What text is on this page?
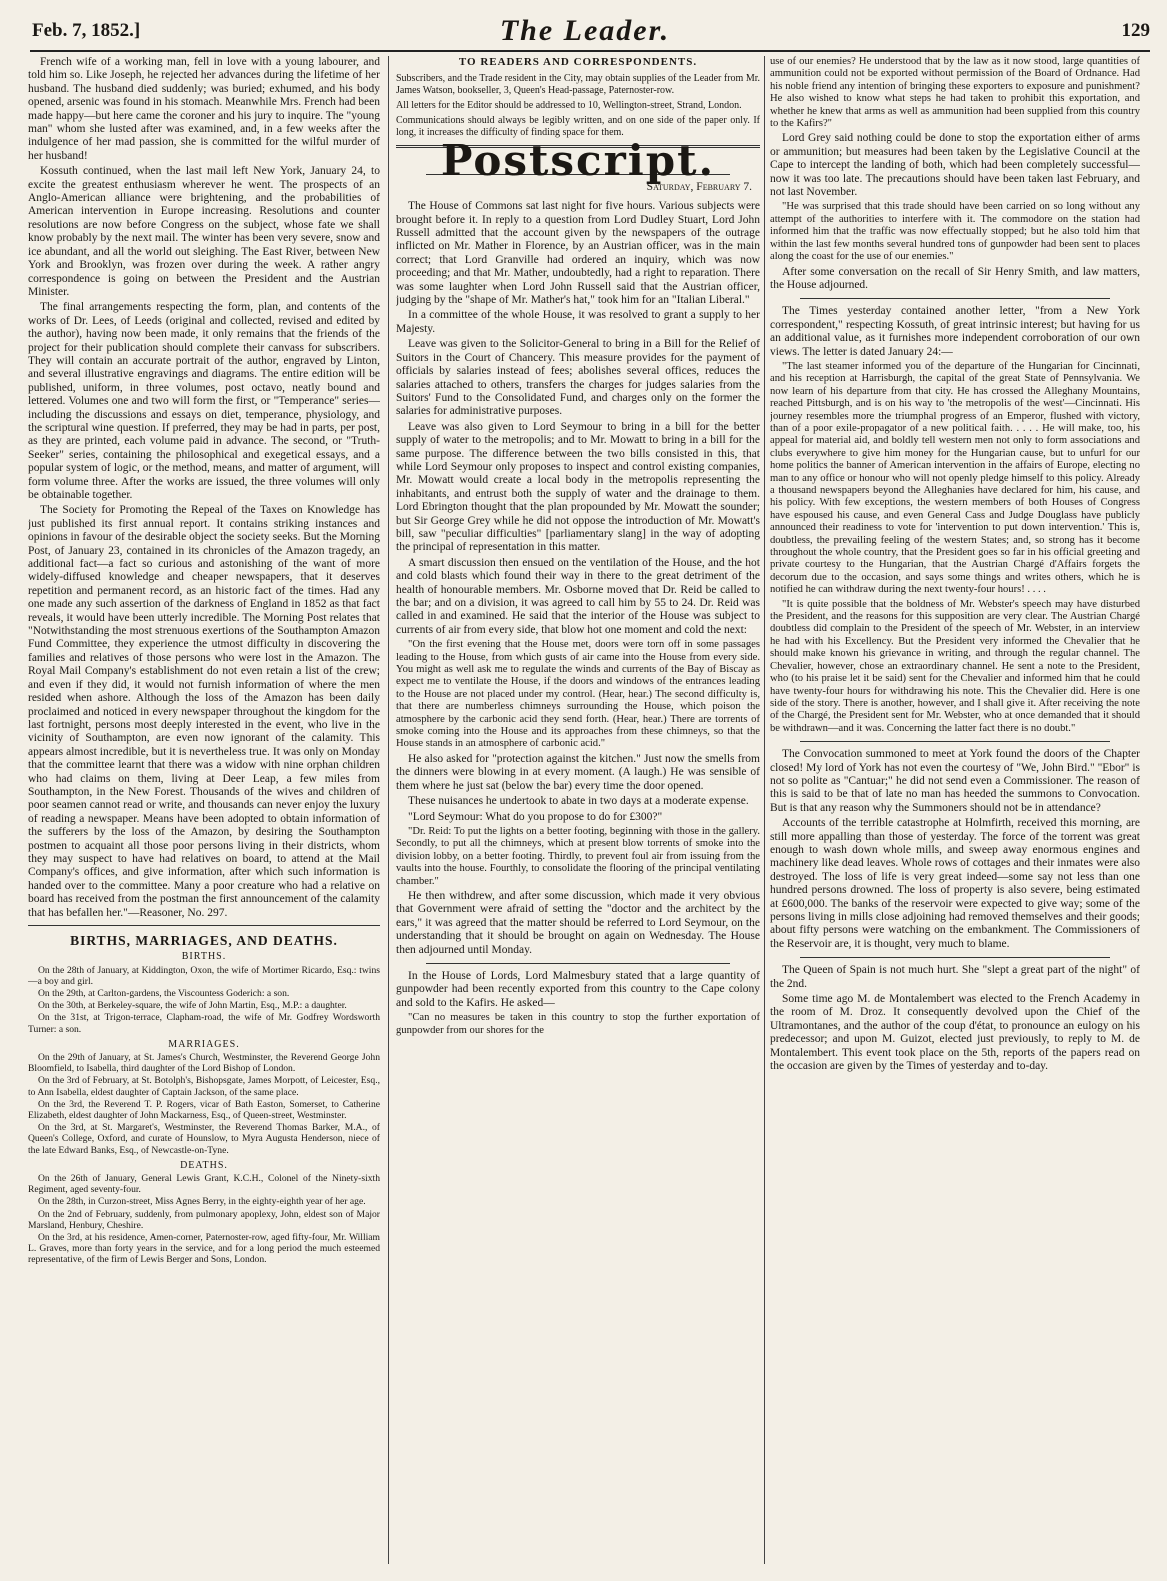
Feb. 7, 1852.]	The Leader.	129

French wife of a working man, fell in love with a young labourer, and told him so. Like Joseph, he rejected her advances during the lifetime of her husband. The husband died suddenly; was buried; exhumed, and his body opened, arsenic was found in his stomach. Meanwhile Mrs. French had been made happy—but here came the coroner and his jury to inquire. The "young man" whom she lusted after was examined, and, in a few weeks after the indulgence of her mad passion, she is committed for the wilful murder of her husband!

Kossuth continued, when the last mail left New York, January 24, to excite the greatest enthusiasm wherever he went. The prospects of an Anglo-American alliance were brightening, and the probabilities of American intervention in Europe increasing. Resolutions and counter resolutions are now before Congress on the subject, whose fate we shall know probably by the next mail. The winter has been very severe, snow and ice abundant, and all the world out sleighing. The East River, between New York and Brooklyn, was frozen over during the week. A rather angry correspondence is going on between the President and the Austrian Minister.

The final arrangements respecting the form, plan, and contents of the works of Dr. Lees, of Leeds (original and collected, revised and edited by the author), having now been made, it only remains that the friends of the project for their publication should complete their canvass for subscribers. They will contain an accurate portrait of the author, engraved by Linton, and several illustrative engravings and diagrams. The entire edition will be published, uniform, in three volumes, post octavo, neatly bound and lettered. Volumes one and two will form the first, or "Temperance" series—including the discussions and essays on diet, temperance, physiology, and the scriptural wine question. If preferred, they may be had in parts, per post, as they are printed, each volume paid in advance. The second, or "Truth-Seeker" series, containing the philosophical and exegetical essays, and a popular system of logic, or the method, means, and matter of argument, will form volume three. After the works are issued, the three volumes will only be obtainable together.

The Society for Promoting the Repeal of the Taxes on Knowledge has just published its first annual report. It contains striking instances and opinions in favour of the desirable object the society seeks. But the Morning Post, of January 23, contained in its chronicles of the Amazon tragedy, an additional fact—a fact so curious and astonishing of the want of more widely-diffused knowledge and cheaper newspapers, that it deserves repetition and permanent record, as an historic fact of the times. Had any one made any such assertion of the darkness of England in 1852 as that fact reveals, it would have been utterly incredible. The Morning Post relates that "Notwithstanding the most strenuous exertions of the Southampton Amazon Fund Committee, they experience the utmost difficulty in discovering the families and relatives of those persons who were lost in the Amazon. The Royal Mail Company's establishment do not even retain a list of the crew; and even if they did, it would not furnish information of where the men resided when ashore. Although the loss of the Amazon has been daily proclaimed and noticed in every newspaper throughout the kingdom for the last fortnight, persons most deeply interested in the event, who live in the vicinity of Southampton, are even now ignorant of the calamity. This appears almost incredible, but it is nevertheless true. It was only on Monday that the committee learnt that there was a widow with nine orphan children who had claims on them, living at Deer Leap, a few miles from Southampton, in the New Forest. Thousands of the wives and children of poor seamen cannot read or write, and thousands can never enjoy the luxury of reading a newspaper. Means have been adopted to obtain information of the sufferers by the loss of the Amazon, by desiring the Southampton postmen to acquaint all those poor persons living in their districts, whom they may suspect to have had relatives on board, to attend at the Mail Company's offices, and give information, after which such information is handed over to the committee. Many a poor creature who had a relative on board has received from the postman the first announcement of the calamity that has befallen her."—Reasoner, No. 297.

BIRTHS, MARRIAGES, AND DEATHS.
BIRTHS.

On the 28th of January, at Kiddington, Oxon, the wife of Mortimer Ricardo, Esq.: twins—a boy and girl.

On the 29th, at Carlton-gardens, the Viscountess Goderich: a son.

On the 30th, at Berkeley-square, the wife of John Martin, Esq., M.P.: a daughter.

On the 31st, at Trigon-terrace, Clapham-road, the wife of Mr. Godfrey Wordsworth Turner: a son.

MARRIAGES.

On the 29th of January, at St. James's Church, Westminster, the Reverend George John Bloomfield, to Isabella, third daughter of the Lord Bishop of London.

On the 3rd of February, at St. Botolph's, Bishopsgate, James Morpott, of Leicester, Esq., to Ann Isabella, eldest daughter of Captain Jackson, of the same place.

On the 3rd, the Reverend T. P. Rogers, vicar of Bath Easton, Somerset, to Catherine Elizabeth, eldest daughter of John Mackarness, Esq., of Queen-street, Westminster.

On the 3rd, at St. Margaret's, Westminster, the Reverend Thomas Barker, M.A., of Queen's College, Oxford, and curate of Hounslow, to Myra Augusta Henderson, niece of the late Edward Banks, Esq., of Newcastle-on-Tyne.

DEATHS.

On the 26th of January, General Lewis Grant, K.C.H., Colonel of the Ninety-sixth Regiment, aged seventy-four.

On the 28th, in Curzon-street, Miss Agnes Berry, in the eighty-eighth year of her age.

On the 2nd of February, suddenly, from pulmonary apoplexy, John, eldest son of Major Marsland, Henbury, Cheshire.

On the 3rd, at his residence, Amen-corner, Paternoster-row, aged fifty-four, Mr. William L. Graves, more than forty years in the service, and for a long period the much esteemed representative, of the firm of Lewis Berger and Sons, London.

TO READERS AND CORRESPONDENTS.

Subscribers, and the Trade resident in the City, may obtain supplies of the Leader from Mr. James Watson, bookseller, 3, Queen's Head-passage, Paternoster-row.

All letters for the Editor should be addressed to 10, Wellington-street, Strand, London.

Communications should always be legibly written, and on one side of the paper only. If long, it increases the difficulty of finding space for them.

Postscript.
Saturday, February 7.

The House of Commons sat last night for five hours. Various subjects were brought before it. In reply to a question from Lord Dudley Stuart, Lord John Russell admitted that the account given by the newspapers of the outrage inflicted on Mr. Mather in Florence, by an Austrian officer, was in the main correct; that Lord Granville had ordered an inquiry, which was now proceeding; and that Mr. Mather, undoubtedly, had a right to reparation. There was some laughter when Lord John Russell said that the Austrian officer, judging by the "shape of Mr. Mather's hat," took him for an "Italian Liberal."

In a committee of the whole House, it was resolved to grant a supply to her Majesty.

Leave was given to the Solicitor-General to bring in a Bill for the Relief of Suitors in the Court of Chancery. This measure provides for the payment of officials by salaries instead of fees; abolishes several offices, reduces the salaries attached to others, transfers the charges for judges salaries from the Suitors' Fund to the Consolidated Fund, and charges only on the former the salaries for administrative purposes.

Leave was also given to Lord Seymour to bring in a bill for the better supply of water to the metropolis; and to Mr. Mowatt to bring in a bill for the same purpose. The difference between the two bills consisted in this, that while Lord Seymour only proposes to inspect and control existing companies, Mr. Mowatt would create a local body in the metropolis representing the inhabitants, and entrust both the supply of water and the drainage to them. Lord Ebrington thought that the plan propounded by Mr. Mowatt the sounder; but Sir George Grey while he did not oppose the introduction of Mr. Mowatt's bill, saw "peculiar difficulties" [parliamentary slang] in the way of adopting the principal of representation in this matter.

A smart discussion then ensued on the ventilation of the House, and the hot and cold blasts which found their way in there to the great detriment of the health of honourable members. Mr. Osborne moved that Dr. Reid be called to the bar; and on a division, it was agreed to call him by 55 to 24. Dr. Reid was called in and examined. He said that the interior of the House was subject to currents of air from every side, that blow hot one moment and cold the next:

"On the first evening that the House met, doors were torn off in some passages leading to the House, from which gusts of air came into the House from every side. You might as well ask me to regulate the winds and currents of the Bay of Biscay as expect me to ventilate the House, if the doors and windows of the entrances leading to the House are not placed under my control. (Hear, hear.) The second difficulty is, that there are numberless chimneys surrounding the House, which poison the atmosphere by the carbonic acid they send forth. (Hear, hear.) There are torrents of smoke coming into the House and its approaches from these chimneys, so that the House stands in an atmosphere of carbonic acid."

He also asked for "protection against the kitchen." Just now the smells from the dinners were blowing in at every moment. (A laugh.) He was sensible of them where he just sat (below the bar) every time the door opened.

These nuisances he undertook to abate in two days at a moderate expense.

"Lord Seymour: What do you propose to do for £300?"

"Dr. Reid: To put the lights on a better footing, beginning with those in the gallery. Secondly, to put all the chimneys, which at present blow torrents of smoke into the division lobby, on a better footing. Thirdly, to prevent foul air from issuing from the vaults into the house. Fourthly, to consolidate the flooring of the principal ventilating chamber."

He then withdrew, and after some discussion, which made it very obvious that Government were afraid of setting the "doctor and the architect by the ears," it was agreed that the matter should be referred to Lord Seymour, on the understanding that it should be brought on again on Wednesday. The House then adjourned until Monday.

In the House of Lords, Lord Malmesbury stated that a large quantity of gunpowder had been recently exported from this country to the Cape colony and sold to the Kafirs. He asked—

"Can no measures be taken in this country to stop the further exportation of gunpowder from our shores for the

use of our enemies? He understood that by the law as it now stood, large quantities of ammunition could not be exported without permission of the Board of Ordnance. Had his noble friend any intention of bringing these exporters to exposure and punishment? He also wished to know what steps he had taken to prohibit this exportation, and whether he knew that arms as well as ammunition had been supplied from this country to the Kafirs?"

Lord Grey said nothing could be done to stop the exportation either of arms or ammunition; but measures had been taken by the Legislative Council at the Cape to intercept the landing of both, which had been completely successful—now it was too late. The precautions should have been taken last February, and not last November.

"He was surprised that this trade should have been carried on so long without any attempt of the authorities to interfere with it. The commodore on the station had informed him that the traffic was now effectually stopped; but he also told him that within the last few months several hundred tons of gunpowder had been sent to places along the coast for the use of our enemies."

After some conversation on the recall of Sir Henry Smith, and law matters, the House adjourned.

The Times yesterday contained another letter, "from a New York correspondent," respecting Kossuth, of great intrinsic interest; but having for us an additional value, as it furnishes more independent corroboration of our own views. The letter is dated January 24:—

"The last steamer informed you of the departure of the Hungarian for Cincinnati, and his reception at Harrisburgh, the capital of the great State of Pennsylvania. We now learn of his departure from that city. He has crossed the Alleghany Mountains, reached Pittsburgh, and is on his way to 'the metropolis of the west'—Cincinnati. His journey resembles more the triumphal progress of an Emperor, flushed with victory, than of a poor exile-propagator of a new political faith. . . . . He will make, too, his appeal for material aid, and boldly tell western men not only to form associations and clubs everywhere to give him money for the Hungarian cause, but to unfurl for our home politics the banner of American intervention in the affairs of Europe, electing no man to any office or honour who will not openly pledge himself to this policy. Already a thousand newspapers beyond the Alleghanies have declared for him, his cause, and his policy. With few exceptions, the western members of both Houses of Congress have espoused his cause, and even General Cass and Judge Douglass have publicly announced their readiness to vote for 'intervention to put down intervention.' This is, doubtless, the prevailing feeling of the western States; and, so strong has it become throughout the whole country, that the President goes so far in his official greeting and private courtesy to the Hungarian, that the Austrian Chargé d'Affairs forgets the decorum due to the occasion, and says some things and writes others, which he is notified he can withdraw during the next twenty-four hours! . . . .

"It is quite possible that the boldness of Mr. Webster's speech may have disturbed the President, and the reasons for this supposition are very clear. The Austrian Chargé doubtless did complain to the President of the speech of Mr. Webster, in an interview he had with his Excellency. But the President very informed the Chevalier that he should make known his grievance in writing, and through the regular channel. The Chevalier, however, chose an extraordinary channel. He sent a note to the President, who (to his praise let it be said) sent for the Chevalier and informed him that he could have twenty-four hours for withdrawing his note. This the Chevalier did. Here is one side of the story. There is another, however, and I shall give it. After receiving the note of the Chargé, the President sent for Mr. Webster, who at once demanded that it should be withdrawn—and it was. Concerning the latter fact there is no doubt."

The Convocation summoned to meet at York found the doors of the Chapter closed! My lord of York has not even the courtesy of "We, John Bird." "Ebor" is not so polite as "Cantuar;" he did not send even a Commissioner. The reason of this is said to be that of late no man has heeded the summons to Convocation. But is that any reason why the Summoners should not be in attendance?

Accounts of the terrible catastrophe at Holmfirth, received this morning, are still more appalling than those of yesterday. The force of the torrent was great enough to wash down whole mills, and sweep away enormous engines and machinery like dead leaves. Whole rows of cottages and their inmates were also destroyed. The loss of life is very great indeed—some say not less than one hundred persons drowned. The loss of property is also severe, being estimated at £600,000. The banks of the reservoir were expected to give way; some of the persons living in mills close adjoining had removed themselves and their goods; about fifty persons were watching on the embankment. The Commissioners of the Reservoir are, it is thought, very much to blame.

The Queen of Spain is not much hurt. She "slept a great part of the night" of the 2nd.

Some time ago M. de Montalembert was elected to the French Academy in the room of M. Droz. It consequently devolved upon the Chief of the Ultramontanes, and the author of the coup d'état, to pronounce an eulogy on his predecessor; and upon M. Guizot, elected just previously, to reply to M. de Montalembert. This event took place on the 5th, reports of the papers read on the occasion are given by the Times of yesterday and to-day.
